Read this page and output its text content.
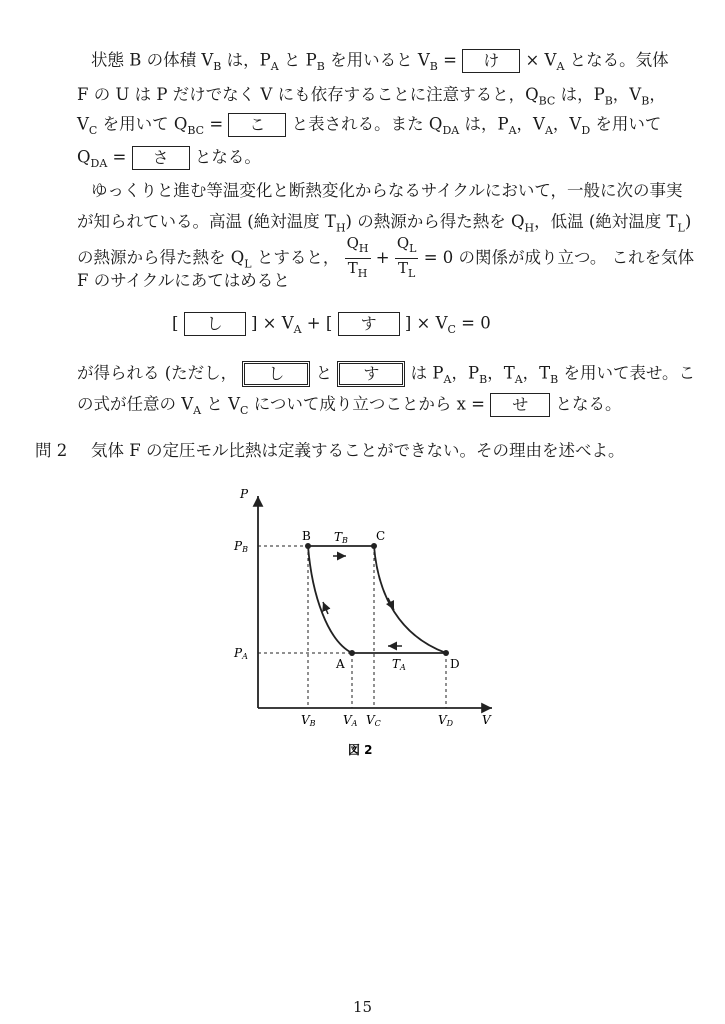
状態 B の体積 $V_B$ は，$P_A$ と $P_B$ を用いると $V_B$ = け × $V_A$ となる。気体
F の U は P だけでなく V にも依存することに注意すると，$Q_{BC}$ は，$P_B$，$V_B$，
$V_C$ を用いて $Q_{BC}$ = こ と表される。また $Q_{DA}$ は，$P_A$，$V_A$，$V_D$ を用いて
$Q_{DA}$ = さ となる。
ゆっくりと進む等温変化と断熱変化からなるサイクルにおいて，一般に次の事実
が知られている。高温 (絶対温度 $T_H$) の熱源から得た熱を $Q_H$，低温 (絶対温度 $T_L$)
の熱源から得た熱を $Q_L$ とすると， $\frac{Q_H}{T_H} + \frac{Q_L}{T_L} = 0$ の関係が成り立つ。 これを気体
F のサイクルにあてはめると
[ し ] × $V_A$ + [ す ] × $V_C = 0$
が得られる (ただし， し と す は $P_A$，$P_B$，$T_A$，$T_B$ を用いて表せ。こ
の式が任意の $V_A$ と $V_C$ について成り立つことから x = せ となる。
問 2 気体 F の定圧モル比熱は定義することができない。その理由を述べよ。
P
V
B	C
A	D
TB
TA
PB
PA
VB VA VC	VD
図 2
15
